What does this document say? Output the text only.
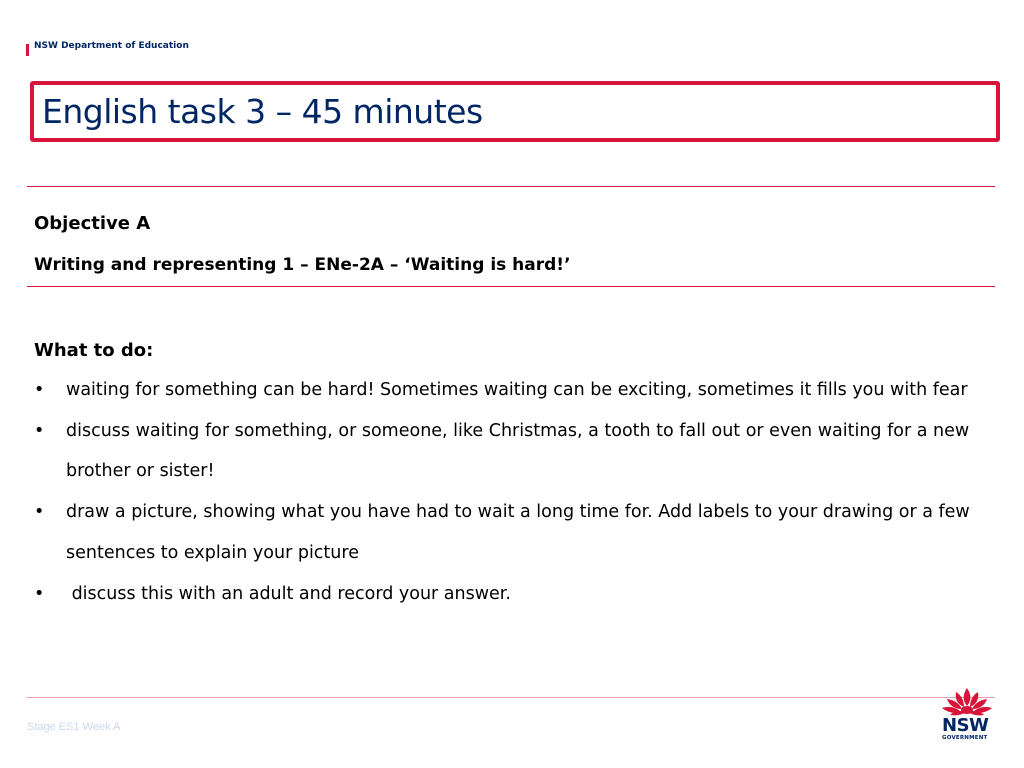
NSW Department of Education
English task 3 – 45 minutes
Objective A
Writing and representing 1 – ENe-2A – ‘Waiting is hard!’
What to do:
•	waiting for something can be hard! Sometimes waiting can be exciting, sometimes it fills you with fear
•	discuss waiting for something, or someone, like Christmas, a tooth to fall out or even waiting for a new brother or sister!
•	draw a picture, showing what you have had to wait a long time for. Add labels to your drawing or a few sentences to explain your picture
•	discuss this with an adult and record your answer.
Stage ES1 Week A	NSW
GOVERNMENT
